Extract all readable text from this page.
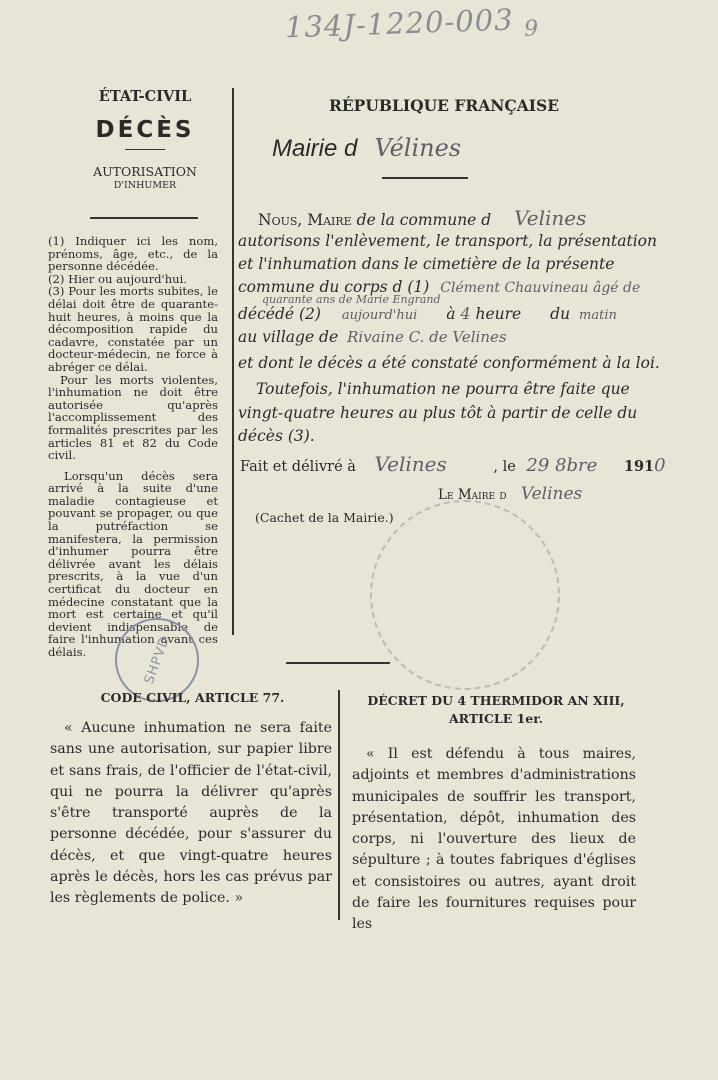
134J-1220-003 $_9$
ÉTAT-CIVIL
DÉCÈS
AUTORISATION
D'INHUMER
(1) Indiquer ici les nom, prénoms, âge, etc., de la personne décédée.
(2) Hier ou aujourd'hui.
(3) Pour les morts subites, le délai doit être de quarante-huit heures, à moins que la décomposition rapide du cadavre, constatée par un docteur-médecin, ne force à abréger ce délai.
Pour les morts violentes, l'inhumation ne doit être autorisée qu'après l'accomplissement des formalités prescrites par les articles 81 et 82 du Code civil.
Lorsqu'un décès sera arrivé à la suite d'une maladie contagieuse et pouvant se propager, ou que la putréfaction se manifestera, la permission d'inhumer pourra être délivrée avant les délais prescrits, à la vue d'un certificat du docteur en médecine constatant que la mort est certaine et qu'il devient indispensable de faire l'inhumation avant ces délais.
RÉPUBLIQUE FRANÇAISE
Mairie d Vélines
Nous, Maire de la commune d Velines
autorisons l'enlèvement, le transport, la présentation
et l'inhumation dans le cimetière de la présente
commune du corps d (1) Clément Chauvineau âgé de
quarante ans de Marie Engrand
décédé (2) aujourd'hui à 4 heure du matin
au village de Rivaine C. de Velines
et dont le décès a été constaté conformément à la loi.
Toutefois, l'inhumation ne pourra être faite que
vingt-quatre heures au plus tôt à partir de celle du
décès (3).
Fait et délivré à Velines	, le 29 8bre 1910
Le Maire d Velines
(Cachet de la Mairie.)
SHPVD
CODE CIVIL, ARTICLE 77.
« Aucune inhumation ne sera faite sans une autorisation, sur papier libre et sans frais, de l'officier de l'état-civil, qui ne pourra la délivrer qu'après s'être transporté auprès de la personne décédée, pour s'assurer du décès, et que vingt-quatre heures après le décès, hors les cas prévus par les règlements de police. »
DÉCRET DU 4 THERMIDOR AN XIII,
ARTICLE 1er.
« Il est défendu à tous maires, adjoints et membres d'administrations municipales de souffrir les transport, présentation, dépôt, inhumation des corps, ni l'ouverture des lieux de sépulture ; à toutes fabriques d'églises et consistoires ou autres, ayant droit de faire les fournitures requises pour les
